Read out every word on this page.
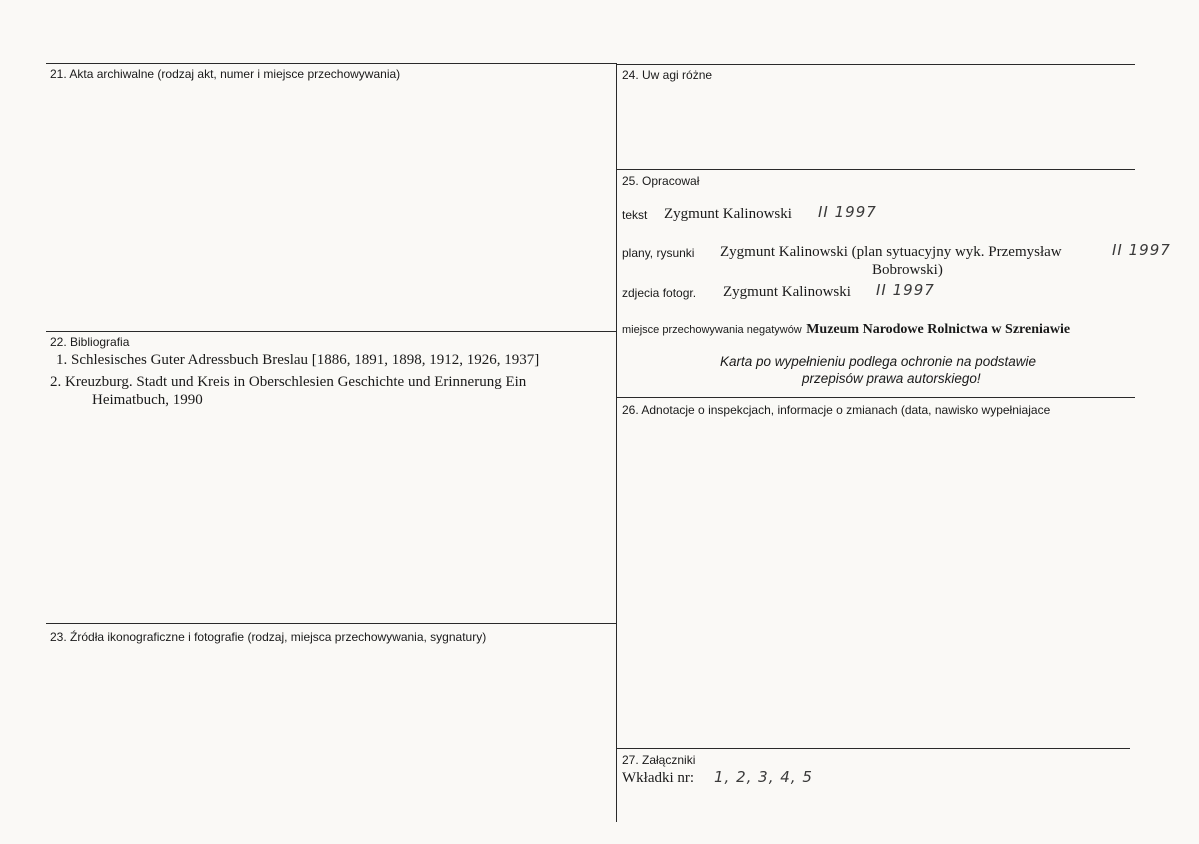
21. Akta archiwalne (rodzaj akt, numer i miejsce przechowywania)
22. Bibliografia
1. Schlesisches Guter Adressbuch Breslau [1886, 1891, 1898, 1912, 1926, 1937]
2. Kreuzburg. Stadt und Kreis in Oberschlesien Geschichte und Erinnerung Ein
Heimatbuch, 1990
23. Źródła ikonograficzne i fotografie (rodzaj, miejsca przechowywania, sygnatury)
24. Uw agi różne
25. Opracował
tekst Zygmunt Kalinowski II 1997
plany, rysunki Zygmunt Kalinowski (plan sytuacyjny wyk. Przemysław
Bobrowski)
II 1997
zdjecia fotogr. Zygmunt Kalinowski II 1997
miejsce przechowywania negatywów Muzeum Narodowe Rolnictwa w Szreniawie
Karta po wypełnieniu podlega ochronie na podstawie
przepisów prawa autorskiego!
26. Adnotacje o inspekcjach, informacje o zmianach (data, nawisko wypełniajace
27. Załączniki
Wkładki nr: 1, 2, 3, 4, 5
